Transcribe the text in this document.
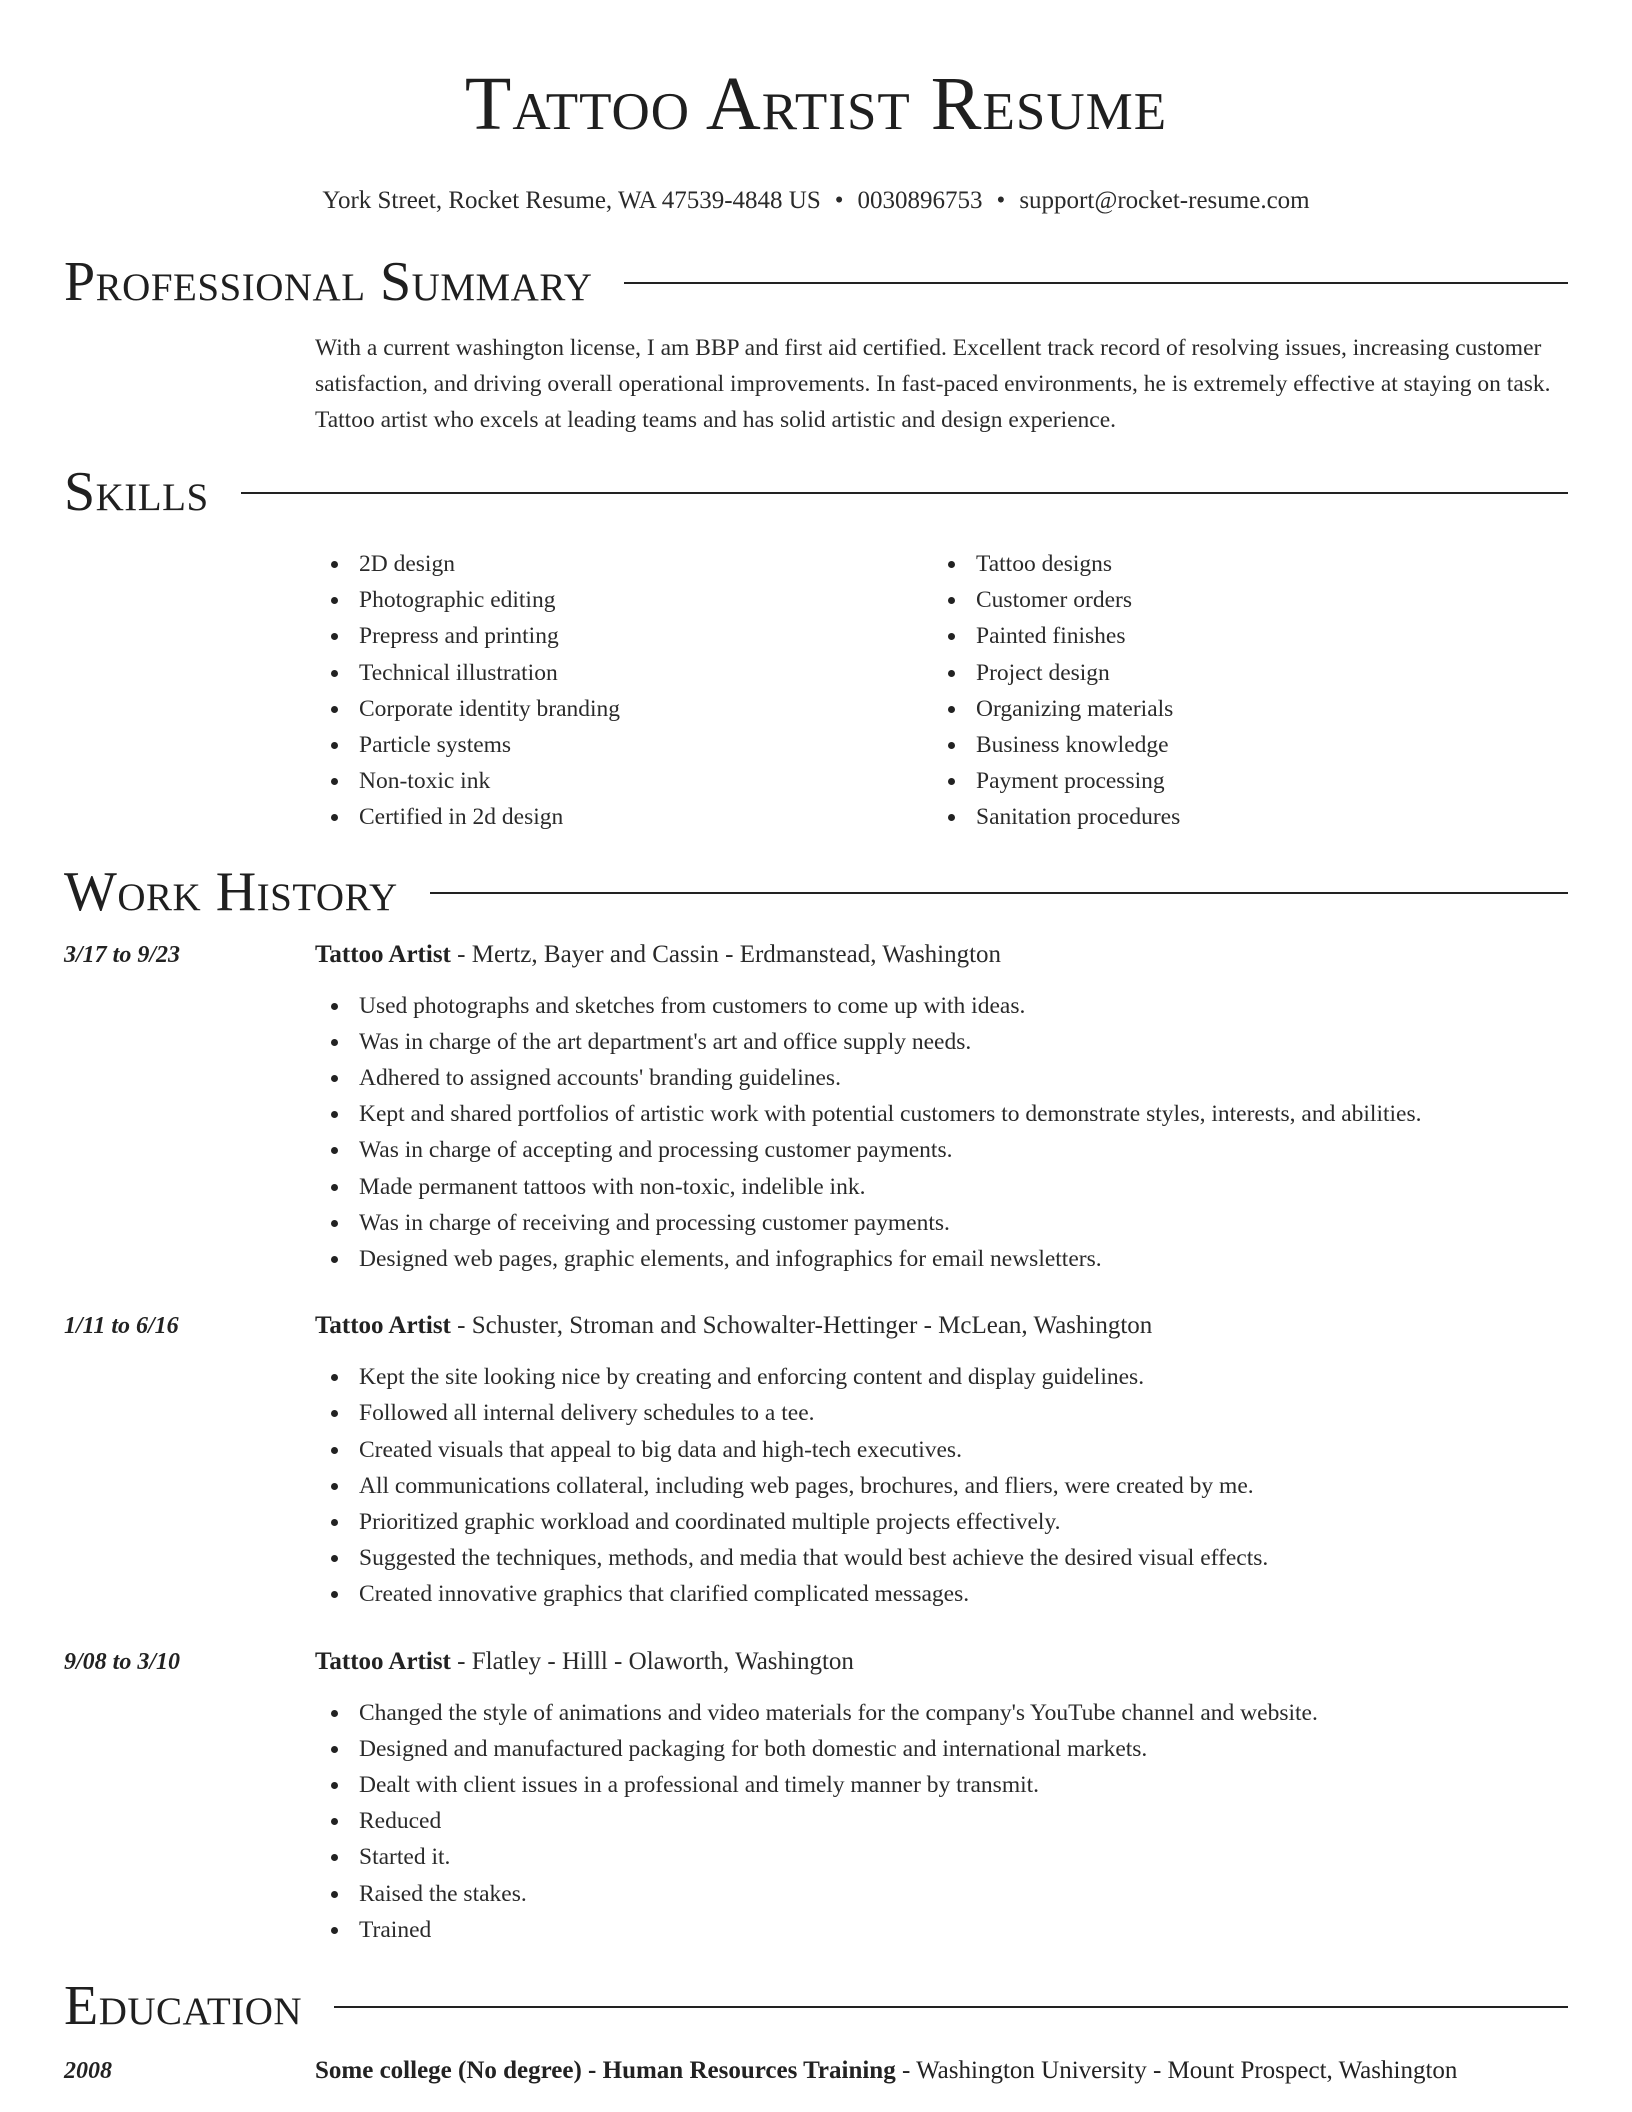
Tattoo Artist Resume
York Street, Rocket Resume, WA 47539-4848 US • 0030896753 • support@rocket-resume.com
Professional Summary

With a current washington license, I am BBP and first aid certified. Excellent track record of resolving issues, increasing customer satisfaction, and driving overall operational improvements. In fast-paced environments, he is extremely effective at staying on task. Tattoo artist who excels at leading teams and has solid artistic and design experience.

Skills
2D design
Photographic editing
Prepress and printing
Technical illustration
Corporate identity branding
Particle systems
Non-toxic ink
Certified in 2d design
Tattoo designs
Customer orders
Painted finishes
Project design
Organizing materials
Business knowledge
Payment processing
Sanitation procedures
Work History
3/17 to 9/23	Tattoo Artist - Mertz, Bayer and Cassin - Erdmanstead, Washington
Used photographs and sketches from customers to come up with ideas.
Was in charge of the art department's art and office supply needs.
Adhered to assigned accounts' branding guidelines.
Kept and shared portfolios of artistic work with potential customers to demonstrate styles, interests, and abilities.
Was in charge of accepting and processing customer payments.
Made permanent tattoos with non-toxic, indelible ink.
Was in charge of receiving and processing customer payments.
Designed web pages, graphic elements, and infographics for email newsletters.
1/11 to 6/16	Tattoo Artist - Schuster, Stroman and Schowalter-Hettinger - McLean, Washington
Kept the site looking nice by creating and enforcing content and display guidelines.
Followed all internal delivery schedules to a tee.
Created visuals that appeal to big data and high-tech executives.
All communications collateral, including web pages, brochures, and fliers, were created by me.
Prioritized graphic workload and coordinated multiple projects effectively.
Suggested the techniques, methods, and media that would best achieve the desired visual effects.
Created innovative graphics that clarified complicated messages.
9/08 to 3/10	Tattoo Artist - Flatley - Hilll - Olaworth, Washington
Changed the style of animations and video materials for the company's YouTube channel and website.
Designed and manufactured packaging for both domestic and international markets.
Dealt with client issues in a professional and timely manner by transmit.
Reduced
Started it.
Raised the stakes.
Trained
Education
2008	Some college (No degree) - Human Resources Training - Washington University - Mount Prospect, Washington
